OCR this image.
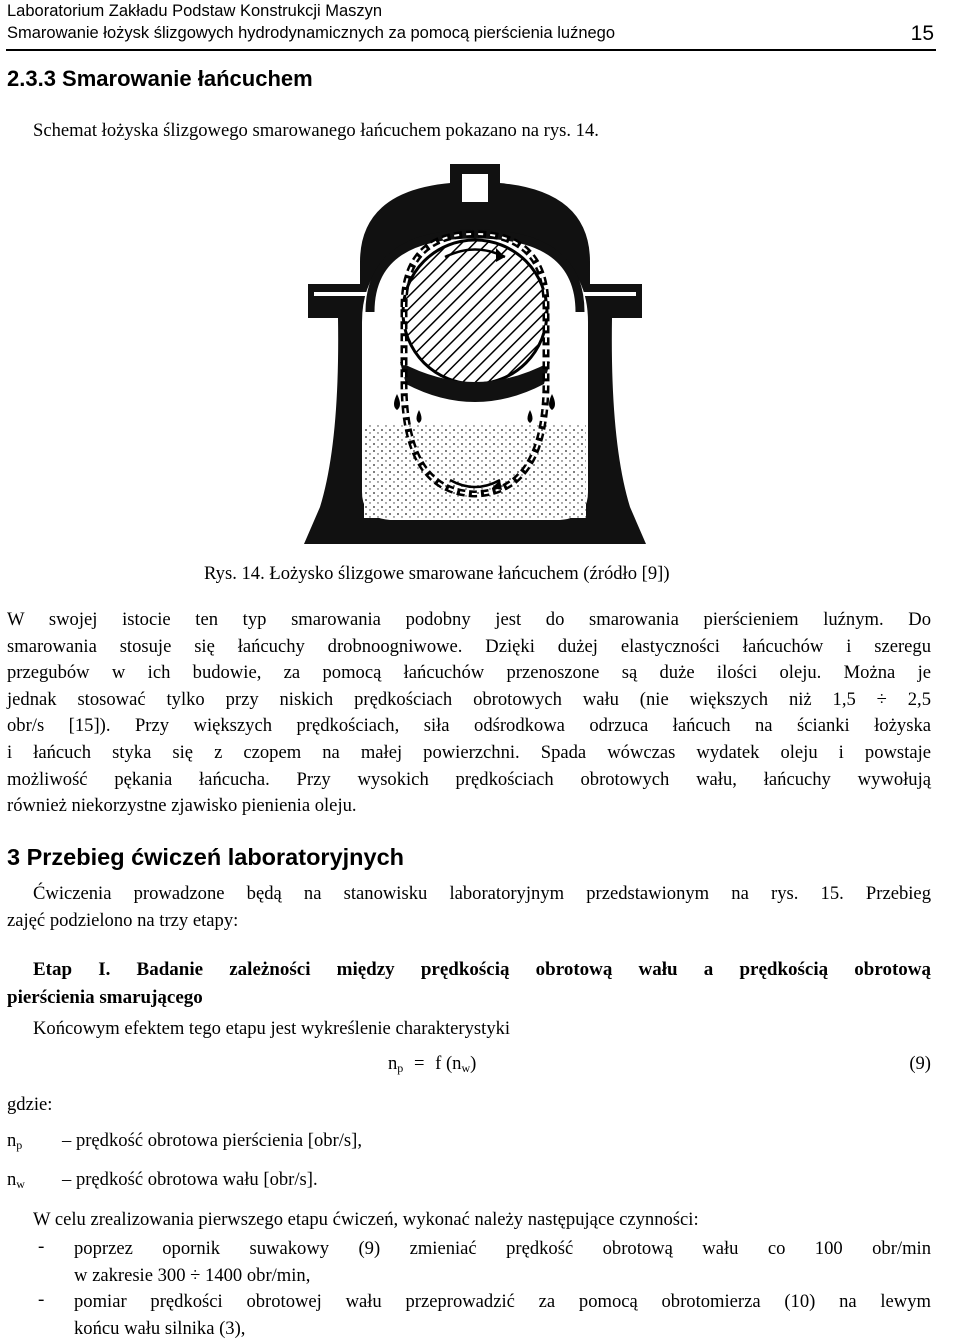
Laboratorium Zakładu Podstaw Konstrukcji Maszyn
Smarowanie łożysk ślizgowych hydrodynamicznych za pomocą pierścienia luźnego	15
2.3.3 Smarowanie łańcuchem
Schemat łożyska ślizgowego smarowanego łańcuchem pokazano na rys. 14.
Rys. 14. Łożysko ślizgowe smarowane łańcuchem (źródło [9])
W swojej istocie ten typ smarowania podobny jest do smarowania pierścieniem luźnym. Do
smarowania stosuje się łańcuchy drobnoogniwowe. Dzięki dużej elastyczności łańcuchów i szeregu
przegubów w ich budowie, za pomocą łańcuchów przenoszone są duże ilości oleju. Można je
jednak stosować tylko przy niskich prędkościach obrotowych wału (nie większych niż 1,5 ÷ 2,5
obr/s [15]). Przy większych prędkościach, siła odśrodkowa odrzuca łańcuch na ścianki łożyska
i łańcuch styka się z czopem na małej powierzchni. Spada wówczas wydatek oleju i powstaje
możliwość pękania łańcucha. Przy wysokich prędkościach obrotowych wału, łańcuchy wywołują
również niekorzystne zjawisko pienienia oleju.
3 Przebieg ćwiczeń laboratoryjnych
Ćwiczenia prowadzone będą na stanowisku laboratoryjnym przedstawionym na rys. 15. Przebieg
zajęć podzielono na trzy etapy:
Etap I. Badanie zależności między prędkością obrotową wału a prędkością obrotową
pierścienia smarującego
Końcowym efektem tego etapu jest wykreślenie charakterystyki
$n_p = f$ $(n_w)$	(9)
gdzie:
$n_p$ – prędkość obrotowa pierścienia [obr/s],
$n_w$ – prędkość obrotowa wału [obr/s].
W celu zrealizowania pierwszego etapu ćwiczeń, wykonać należy następujące czynności:
- poprzez opornik suwakowy (9) zmieniać prędkość obrotową wału co 100 obr/min
w zakresie 300 ÷ 1400 obr/min,
- pomiar prędkości obrotowej wału przeprowadzić za pomocą obrotomierza (10) na lewym
końcu wału silnika (3),
